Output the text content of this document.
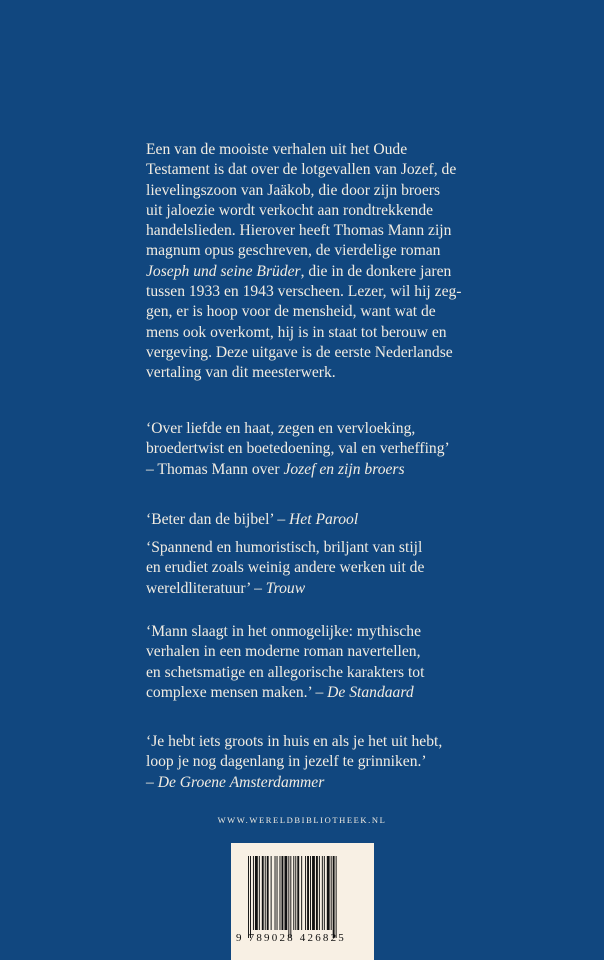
Een van de mooiste verhalen uit het Oude
Testament is dat over de lotgevallen van Jozef, de
lievelingszoon van Jaäkob, die door zijn broers
uit jaloezie wordt verkocht aan rondtrekkende
handelslieden. Hierover heeft Thomas Mann zijn
magnum opus geschreven, de vierdelige roman
Joseph und seine Brüder, die in de donkere jaren
tussen 1933 en 1943 verscheen. Lezer, wil hij zeg-
gen, er is hoop voor de mensheid, want wat de
mens ook overkomt, hij is in staat tot berouw en
vergeving. Deze uitgave is de eerste Nederlandse
vertaling van dit meesterwerk.
‘Over liefde en haat, zegen en vervloeking,
broedertwist en boetedoening, val en verheffing’
– Thomas Mann over Jozef en zijn broers
‘Beter dan de bijbel’ – Het Parool
‘Spannend en humoristisch, briljant van stijl
en erudiet zoals weinig andere werken uit de
wereldliteratuur’ – Trouw
‘Mann slaagt in het onmogelijke: mythische
verhalen in een moderne roman navertellen,
en schetsmatige en allegorische karakters tot
complexe mensen maken.’ – De Standaard
‘Je hebt iets groots in huis en als je het uit hebt,
loop je nog dagenlang in jezelf te grinniken.’
– De Groene Amsterdammer
WWW.WERELDBIBLIOTHEEK.NL
9 789028 426825
